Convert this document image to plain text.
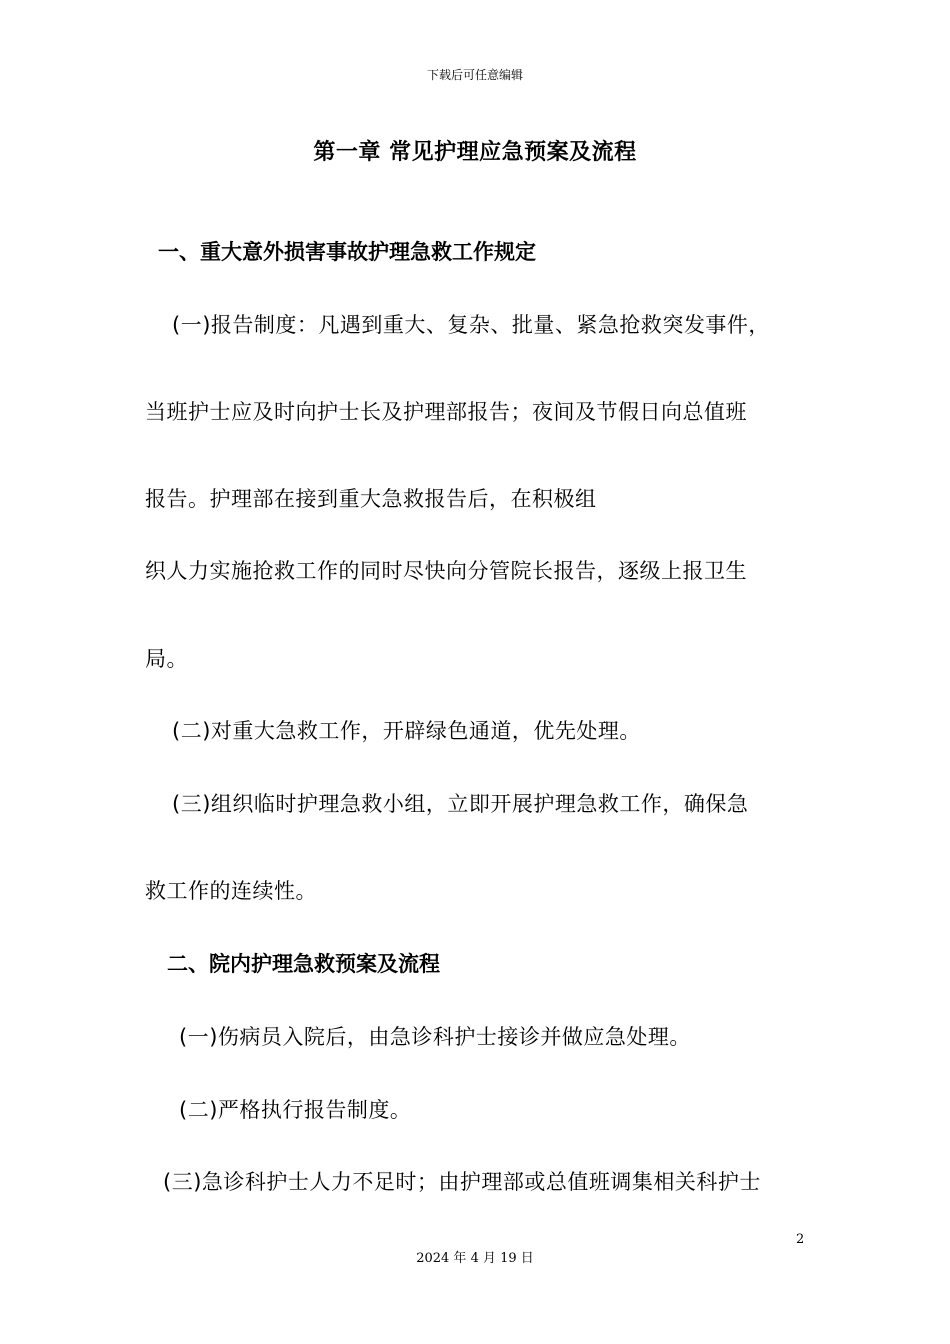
下载后可任意编辑
第一章 常见护理应急预案及流程
一、重大意外损害事故护理急救工作规定
(一)报告制度：凡遇到重大、复杂、批量、紧急抢救突发事件，
当班护士应及时向护士长及护理部报告；夜间及节假日向总值班
报告。护理部在接到重大急救报告后，在积极组
织人力实施抢救工作的同时尽快向分管院长报告，逐级上报卫生
局。
(二)对重大急救工作，开辟绿色通道，优先处理。
(三)组织临时护理急救小组，立即开展护理急救工作，确保急
救工作的连续性。
二、院内护理急救预案及流程
(一)伤病员入院后，由急诊科护士接诊并做应急处理。
(二)严格执行报告制度。
(三)急诊科护士人力不足时；由护理部或总值班调集相关科护士
2
2024 年 4 月 19 日
